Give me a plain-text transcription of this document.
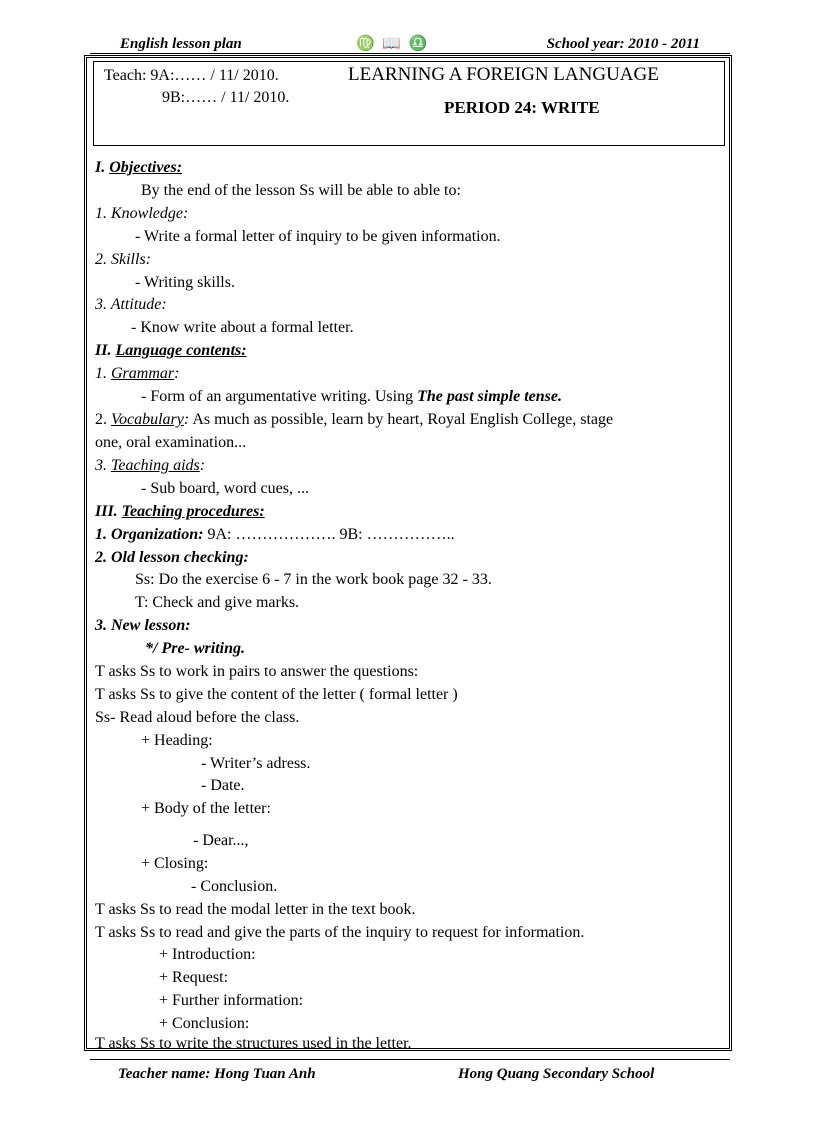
English lesson plan	♍ 📖 ♎	School year: 2010 - 2011
Teach: 9A:…… / 11/ 2010.
9B:…… / 11/ 2010.
LEARNING A FOREIGN LANGUAGE
PERIOD 24: WRITE
I. Objectives:
By the end of the lesson Ss will be able to able to:
1. Knowledge:
- Write a formal letter of inquiry to be given information.
2. Skills:
- Writing skills.
3. Attitude:
- Know write about a formal letter.
II. Language contents:
1. Grammar:
- Form of an argumentative writing. Using The past simple tense.
2. Vocabulary: As much as possible, learn by heart, Royal English College, stage
one, oral examination...
3. Teaching aids:
- Sub board, word cues, ...
III. Teaching procedures:
1. Organization: 9A: ………………. 9B: ……………..
2. Old lesson checking:
Ss: Do the exercise 6 - 7 in the work book page 32 - 33.
T: Check and give marks.
3. New lesson:
*/ Pre- writing.
T asks Ss to work in pairs to answer the questions:
T asks Ss to give the content of the letter ( formal letter )
Ss- Read aloud before the class.
+ Heading:
- Writer’s adress.
- Date.
+ Body of the letter:
- Dear...,
+ Closing:
- Conclusion.
T asks Ss to read the modal letter in the text book.
T asks Ss to read and give the parts of the inquiry to request for information.
+ Introduction:
+ Request:
+ Further information:
+ Conclusion:
T asks Ss to write the structures used in the letter.
Teacher name: Hong Tuan Anh	Hong Quang Secondary School
